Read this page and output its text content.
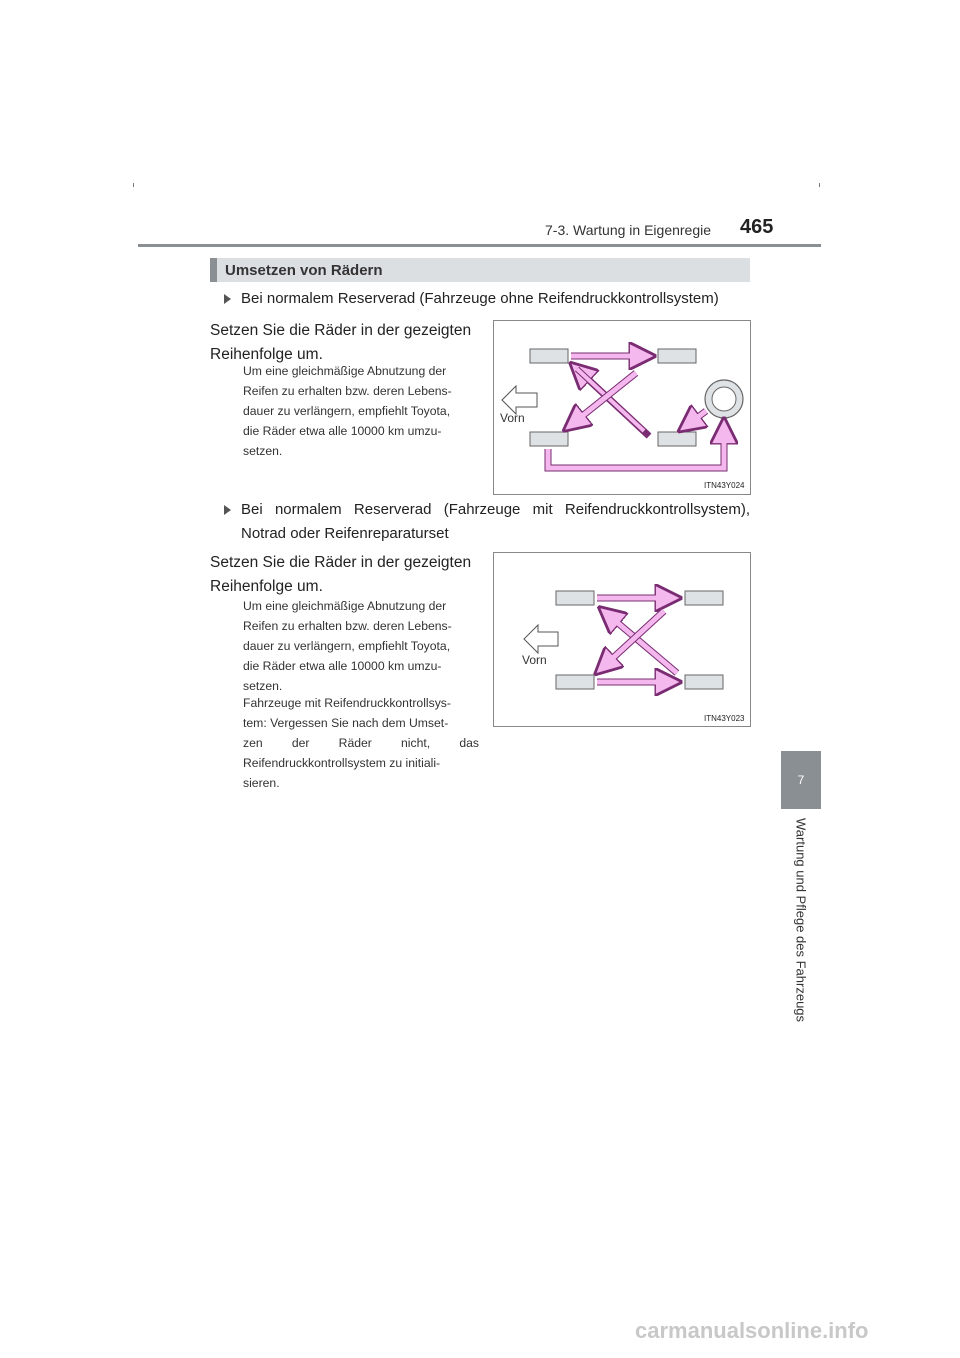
7-3. Wartung in Eigenregie 465
7
Wartung und Pflege des Fahrzeugs
Umsetzen von Rädern
Bei normalem Reserverad (Fahrzeuge ohne Reifendruckkontrollsystem)
Setzen Sie die Räder in der gezeigten
Reihenfolge um.
Um eine gleichmäßige Abnutzung der
Reifen zu erhalten bzw. deren Lebens-
dauer zu verlängern, empfiehlt Toyota,
die Räder etwa alle 10000 km umzu-
setzen.
Vorn
ITN43Y024
Bei normalem Reserverad (Fahrzeuge mit Reifendruckkontrollsystem),
Notrad oder Reifenreparaturset
Setzen Sie die Räder in der gezeigten
Reihenfolge um.
Um eine gleichmäßige Abnutzung der
Reifen zu erhalten bzw. deren Lebens-
dauer zu verlängern, empfiehlt Toyota,
die Räder etwa alle 10000 km umzu-
setzen.
Fahrzeuge mit Reifendruckkontrollsys-
tem: Vergessen Sie nach dem Umset-
zen der Räder nicht, das
Reifendruckkontrollsystem zu initiali-
sieren.
Vorn
ITN43Y023
carmanualsonline.info
